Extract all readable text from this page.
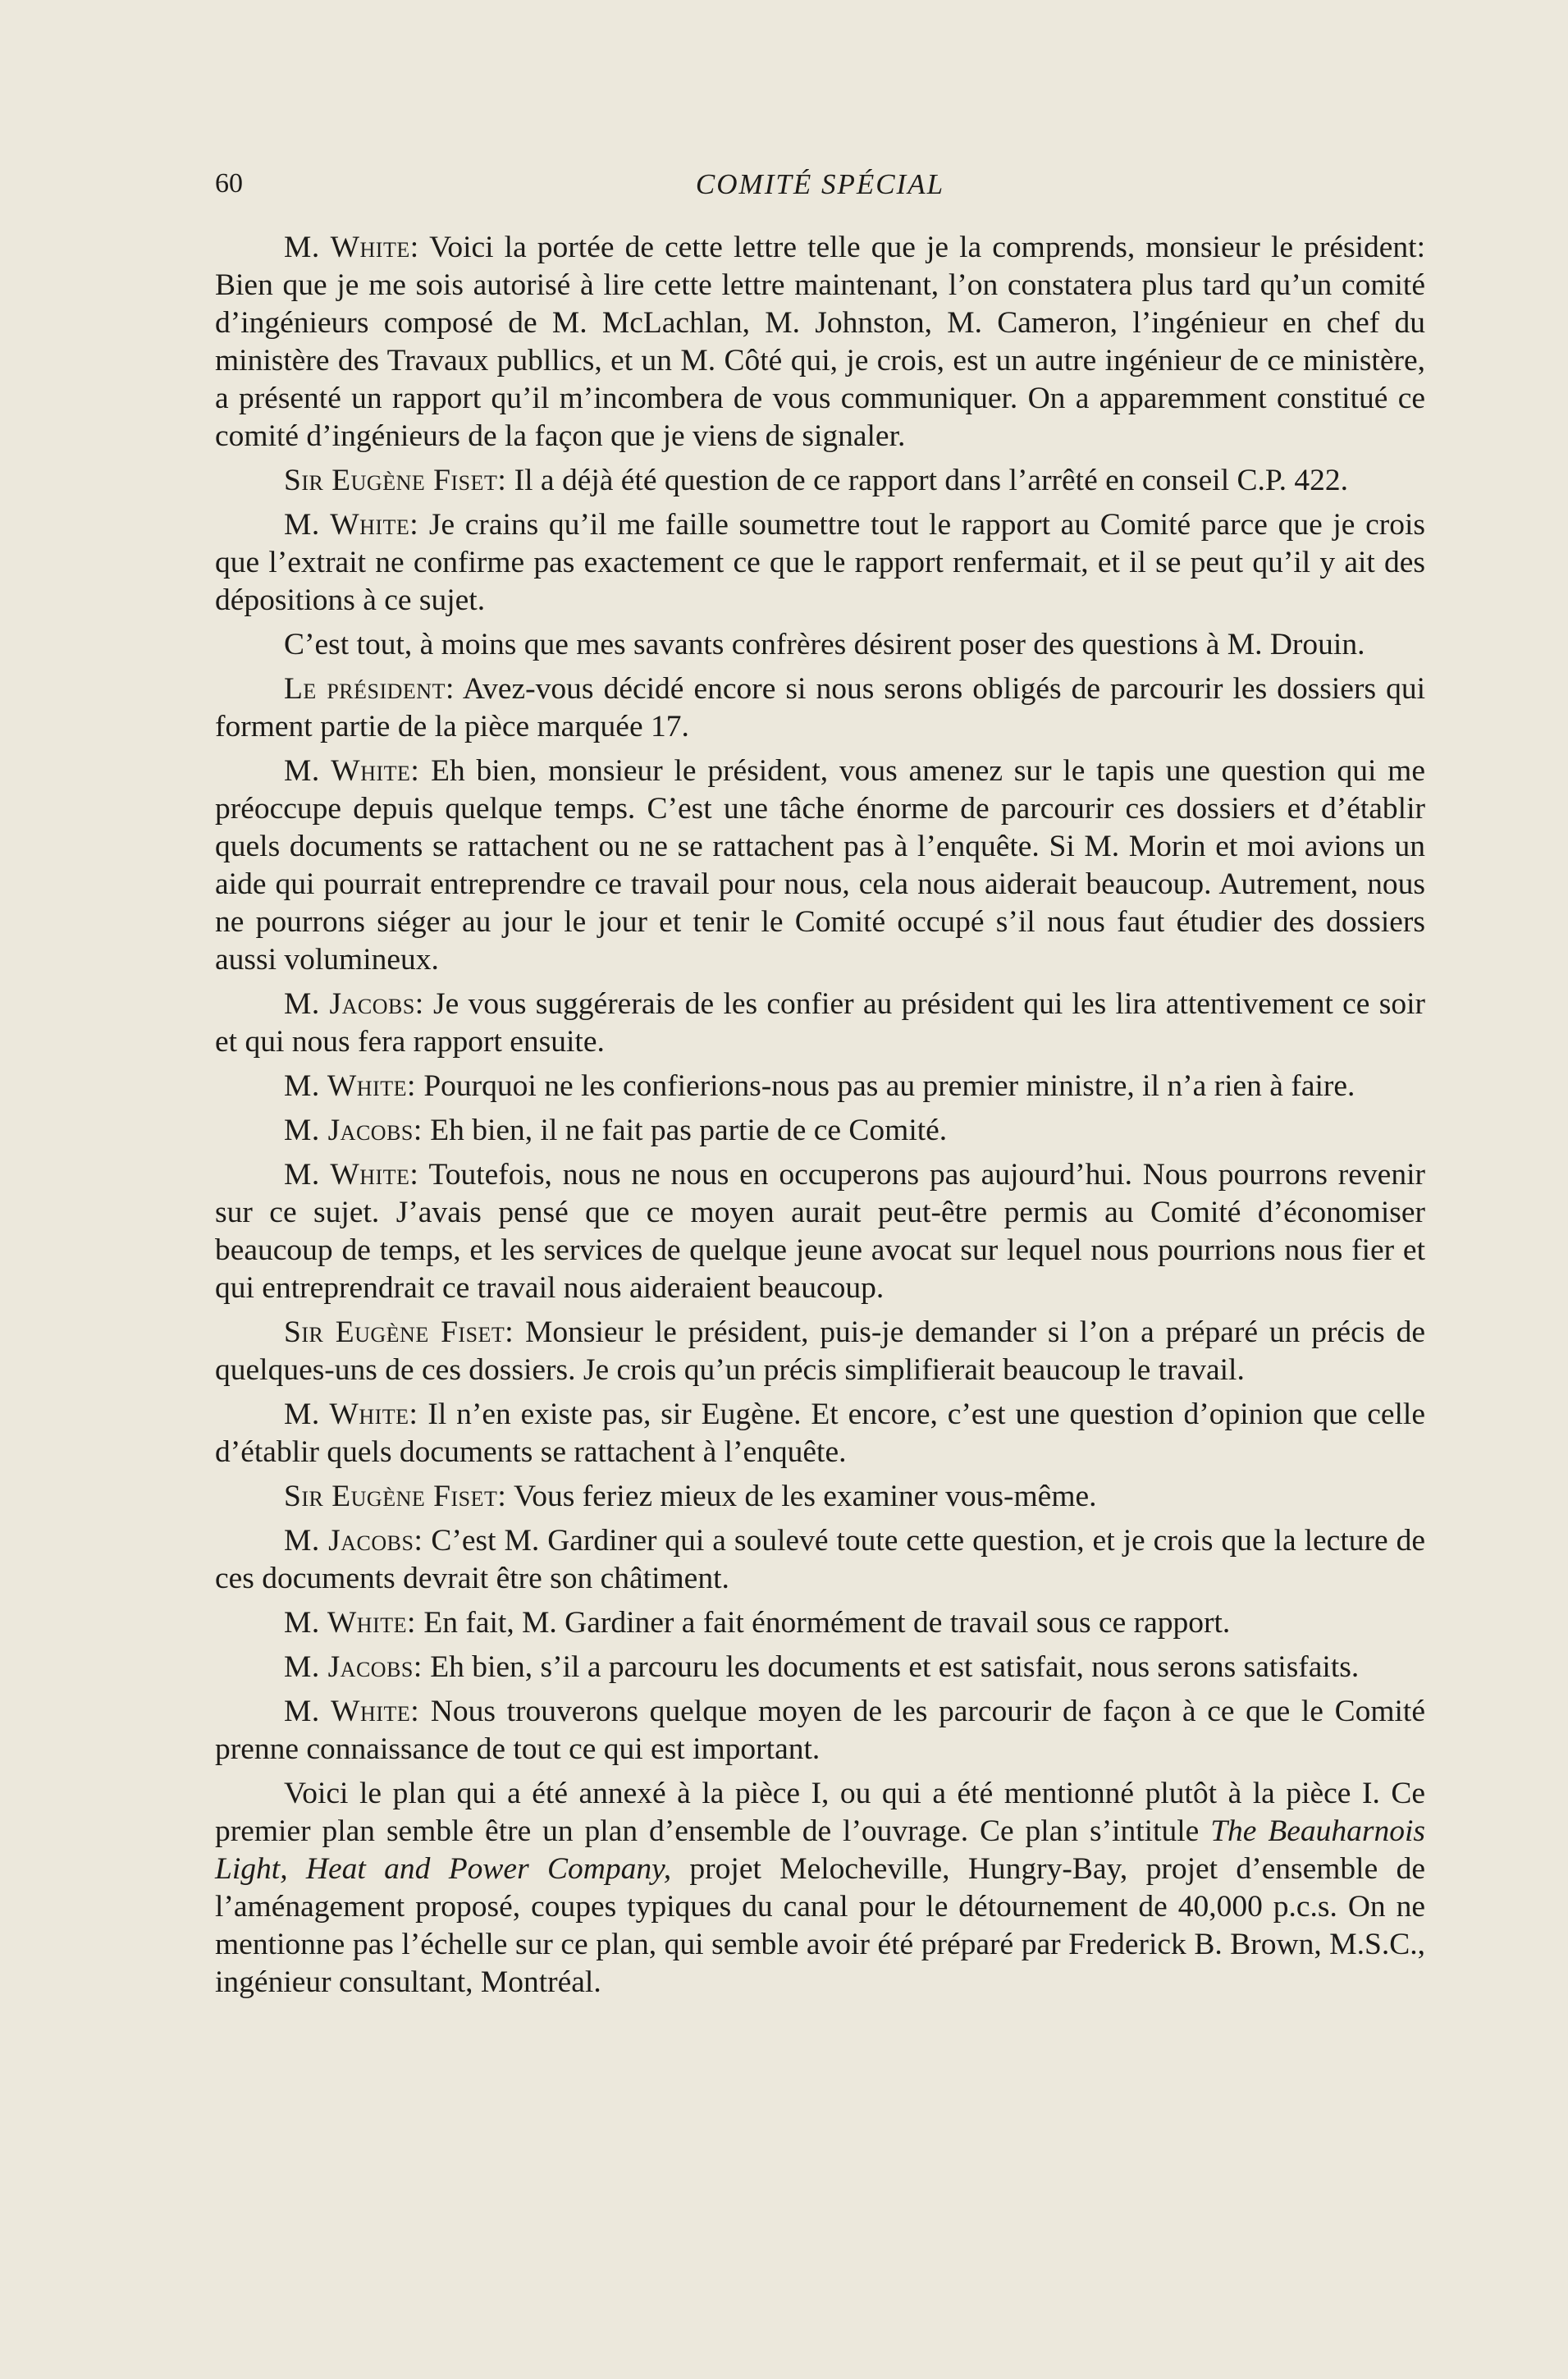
60	COMITÉ SPÉCIAL

M. White: Voici la portée de cette lettre telle que je la comprends, monsieur le président: Bien que je me sois autorisé à lire cette lettre maintenant, l’on constatera plus tard qu’un comité d’ingénieurs composé de M. McLachlan, M. Johnston, M. Cameron, l’ingénieur en chef du ministère des Travaux publlics, et un M. Côté qui, je crois, est un autre ingénieur de ce ministère, a présenté un rapport qu’il m’incombera de vous communiquer. On a apparemment constitué ce comité d’ingénieurs de la façon que je viens de signaler.

Sir Eugène Fiset: Il a déjà été question de ce rapport dans l’arrêté en conseil C.P. 422.

M. White: Je crains qu’il me faille soumettre tout le rapport au Comité parce que je crois que l’extrait ne confirme pas exactement ce que le rapport renfermait, et il se peut qu’il y ait des dépositions à ce sujet.

C’est tout, à moins que mes savants confrères désirent poser des questions à M. Drouin.

Le président: Avez-vous décidé encore si nous serons obligés de parcourir les dossiers qui forment partie de la pièce marquée 17.

M. White: Eh bien, monsieur le président, vous amenez sur le tapis une question qui me préoccupe depuis quelque temps. C’est une tâche énorme de parcourir ces dossiers et d’établir quels documents se rattachent ou ne se rattachent pas à l’enquête. Si M. Morin et moi avions un aide qui pourrait entreprendre ce travail pour nous, cela nous aiderait beaucoup. Autrement, nous ne pourrons siéger au jour le jour et tenir le Comité occupé s’il nous faut étudier des dossiers aussi volumineux.

M. Jacobs: Je vous suggérerais de les confier au président qui les lira attentivement ce soir et qui nous fera rapport ensuite.

M. White: Pourquoi ne les confierions-nous pas au premier ministre, il n’a rien à faire.

M. Jacobs: Eh bien, il ne fait pas partie de ce Comité.

M. White: Toutefois, nous ne nous en occuperons pas aujourd’hui. Nous pourrons revenir sur ce sujet. J’avais pensé que ce moyen aurait peut-être permis au Comité d’économiser beaucoup de temps, et les services de quelque jeune avocat sur lequel nous pourrions nous fier et qui entreprendrait ce travail nous aideraient beaucoup.

Sir Eugène Fiset: Monsieur le président, puis-je demander si l’on a préparé un précis de quelques-uns de ces dossiers. Je crois qu’un précis simplifierait beaucoup le travail.

M. White: Il n’en existe pas, sir Eugène. Et encore, c’est une question d’opinion que celle d’établir quels documents se rattachent à l’enquête.

Sir Eugène Fiset: Vous feriez mieux de les examiner vous-même.

M. Jacobs: C’est M. Gardiner qui a soulevé toute cette question, et je crois que la lecture de ces documents devrait être son châtiment.

M. White: En fait, M. Gardiner a fait énormément de travail sous ce rapport.

M. Jacobs: Eh bien, s’il a parcouru les documents et est satisfait, nous serons satisfaits.

M. White: Nous trouverons quelque moyen de les parcourir de façon à ce que le Comité prenne connaissance de tout ce qui est important.

Voici le plan qui a été annexé à la pièce I, ou qui a été mentionné plutôt à la pièce I. Ce premier plan semble être un plan d’ensemble de l’ouvrage. Ce plan s’intitule The Beauharnois Light, Heat and Power Company, projet Melocheville, Hungry-Bay, projet d’ensemble de l’aménagement proposé, coupes typiques du canal pour le détournement de 40,000 p.c.s. On ne mentionne pas l’échelle sur ce plan, qui semble avoir été préparé par Frederick B. Brown, M.S.C., ingénieur consultant, Montréal.
